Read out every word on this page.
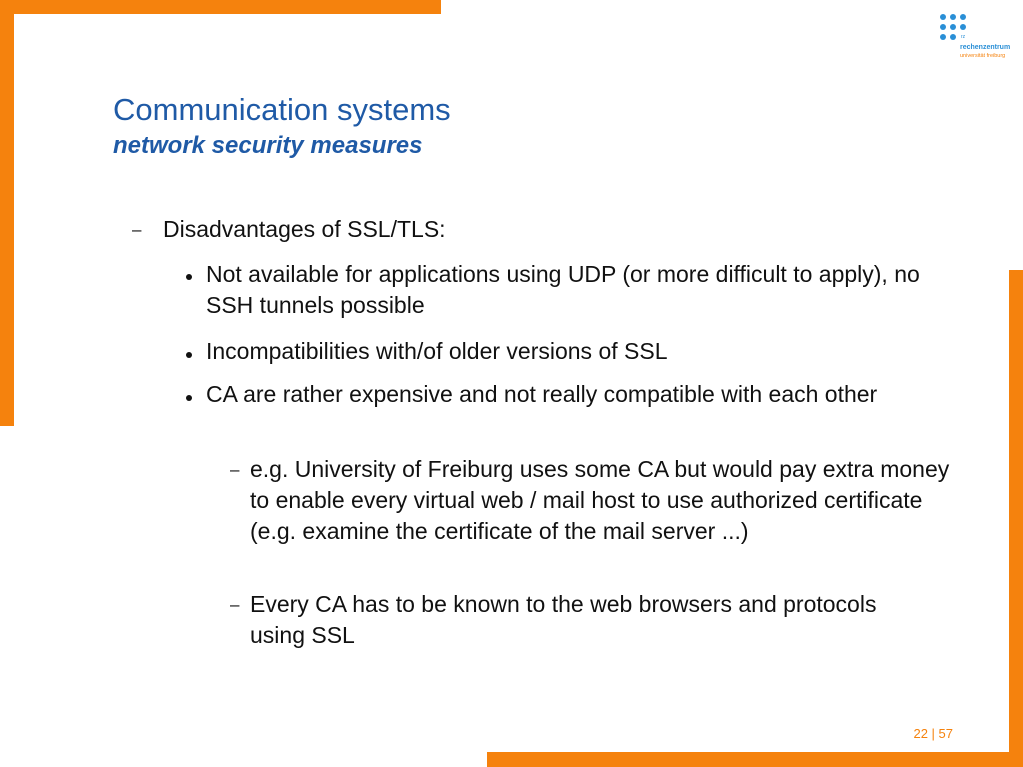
rz
rechenzentrum
universität freiburg
Communication systems
network security measures
– Disadvantages of SSL/TLS:
Not available for applications using UDP (or more difficult to apply), no SSH tunnels possible
Incompatibilities with/of older versions of SSL
CA are rather expensive and not really compatible with each other
– e.g. University of Freiburg uses some CA but would pay extra money to enable every virtual web / mail host to use authorized certificate (e.g. examine the certificate of the mail server ...)
– Every CA has to be known to the web browsers and protocols using SSL
22 | 57
